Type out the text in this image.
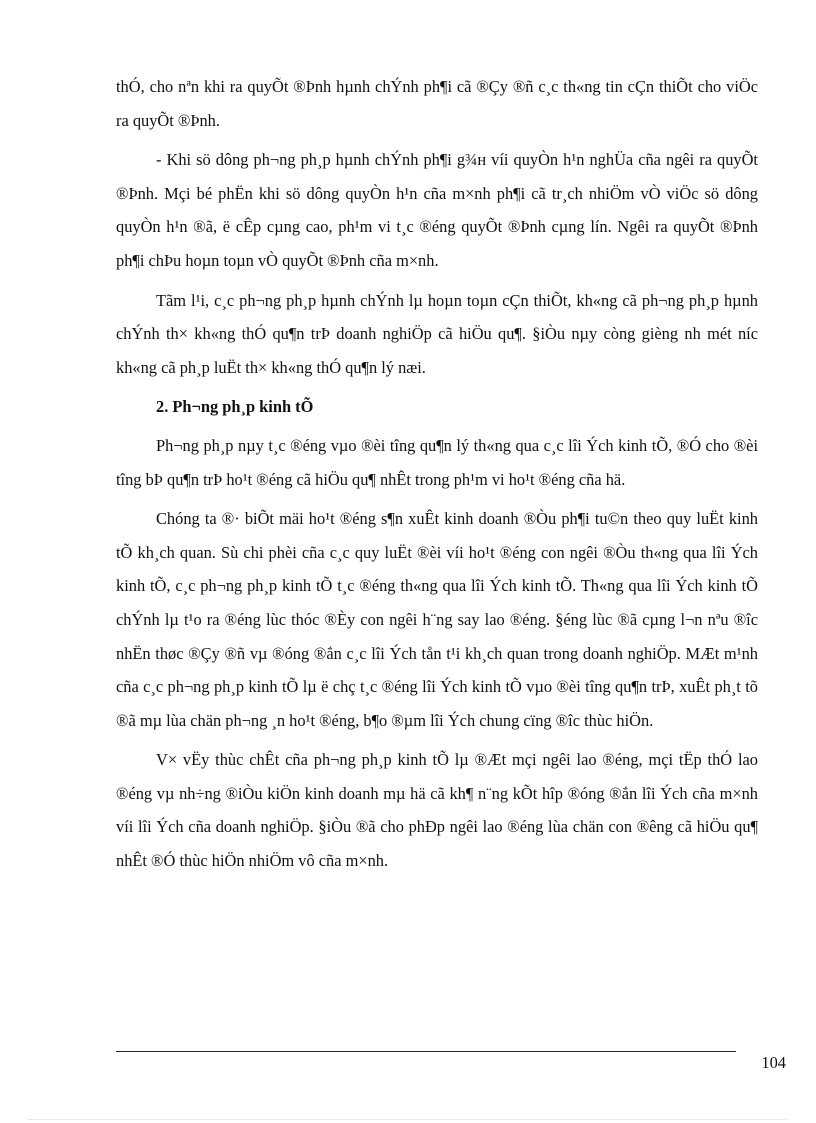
thÓ, cho nªn khi ra quyÕt ®Þnh hµnh chÝnh ph¶i cã ®Çy ®ñ c¸c th«ng tin cÇn thiÕt cho viÖc ra quyÕt ®Þnh.

- Khi sö dông ph¬ng ph¸p hµnh chÝnh ph¶i g¾н víi quyÒn h¹n nghÜa cña ngêi ra quyÕt ®Þnh. Mçi bé phËn khi sö dông quyÒn h¹n cña m×nh ph¶i cã tr¸ch nhiÖm vÒ viÖc sö dông quyÒn h¹n ®ã, ë cÊp cµng cao, ph¹m vi t¸c ®éng quyÕt ®Þnh cµng lín. Ngêi ra quyÕt ®Þnh ph¶i chÞu hoµn toµn vÒ quyÕt ®Þnh cña m×nh.

Tãm l¹i, c¸c ph¬ng ph¸p hµnh chÝnh lµ hoµn toµn cÇn thiÕt, kh«ng cã ph¬ng ph¸p hµnh chÝnh th× kh«ng thÓ qu¶n trÞ doanh nghiÖp cã hiÖu qu¶. §iÒu nµy còng gièng nh mét níc kh«ng cã ph¸p luËt th× kh«ng thÓ qu¶n lý næi.

2. Ph¬ng ph¸p kinh tÕ

Ph¬ng ph¸p nµy t¸c ®éng vµo ®èi tîng qu¶n lý th«ng qua c¸c lîi Ých kinh tÕ, ®Ó cho ®èi tîng bÞ qu¶n trÞ ho¹t ®éng cã hiÖu qu¶ nhÊt trong ph¹m vi ho¹t ®éng cña hä.

Chóng ta ®· biÕt mäi ho¹t ®éng s¶n xuÊt kinh doanh ®Òu ph¶i tu©n theo quy luËt kinh tÕ kh¸ch quan. Sù chi phèi cña c¸c quy luËt ®èi víi ho¹t ®éng con ngêi ®Òu th«ng qua lîi Ých kinh tÕ, c¸c ph¬ng ph¸p kinh tÕ t¸c ®éng th«ng qua lîi Ých kinh tÕ. Th«ng qua lîi Ých kinh tÕ chÝnh lµ t¹o ra ®éng lùc thóc ®Èy con ngêi h¨ng say lao ®éng. §éng lùc ®ã cµng l¬n nªu ®îc nhËn thøc ®Çy ®ñ vµ ®óng ®ắn c¸c lîi Ých tån t¹i kh¸ch quan trong doanh nghiÖp. MÆt m¹nh cña c¸c ph¬ng ph¸p kinh tÕ lµ ë chç t¸c ®éng lîi Ých kinh tÕ vµo ®èi tîng qu¶n trÞ, xuÊt ph¸t tõ ®ã mµ lùa chän ph¬ng ¸n ho¹t ®éng, b¶o ®µm lîi Ých chung cïng ®îc thùc hiÖn.

V× vËy thùc chÊt cña ph¬ng ph¸p kinh tÕ lµ ®Æt mçi ngêi lao ®éng, mçi tËp thÓ lao ®éng vµ nh÷ng ®iÒu kiÖn kinh doanh mµ hä cã kh¶ n¨ng kÕt hîp ®óng ®ắn lîi Ých cña m×nh víi lîi Ých cña doanh nghiÖp. §iÒu ®ã cho phÐp ngêi lao ®éng lùa chän con ®êng cã hiÖu qu¶ nhÊt ®Ó thùc hiÖn nhiÖm vô cña m×nh.

104
